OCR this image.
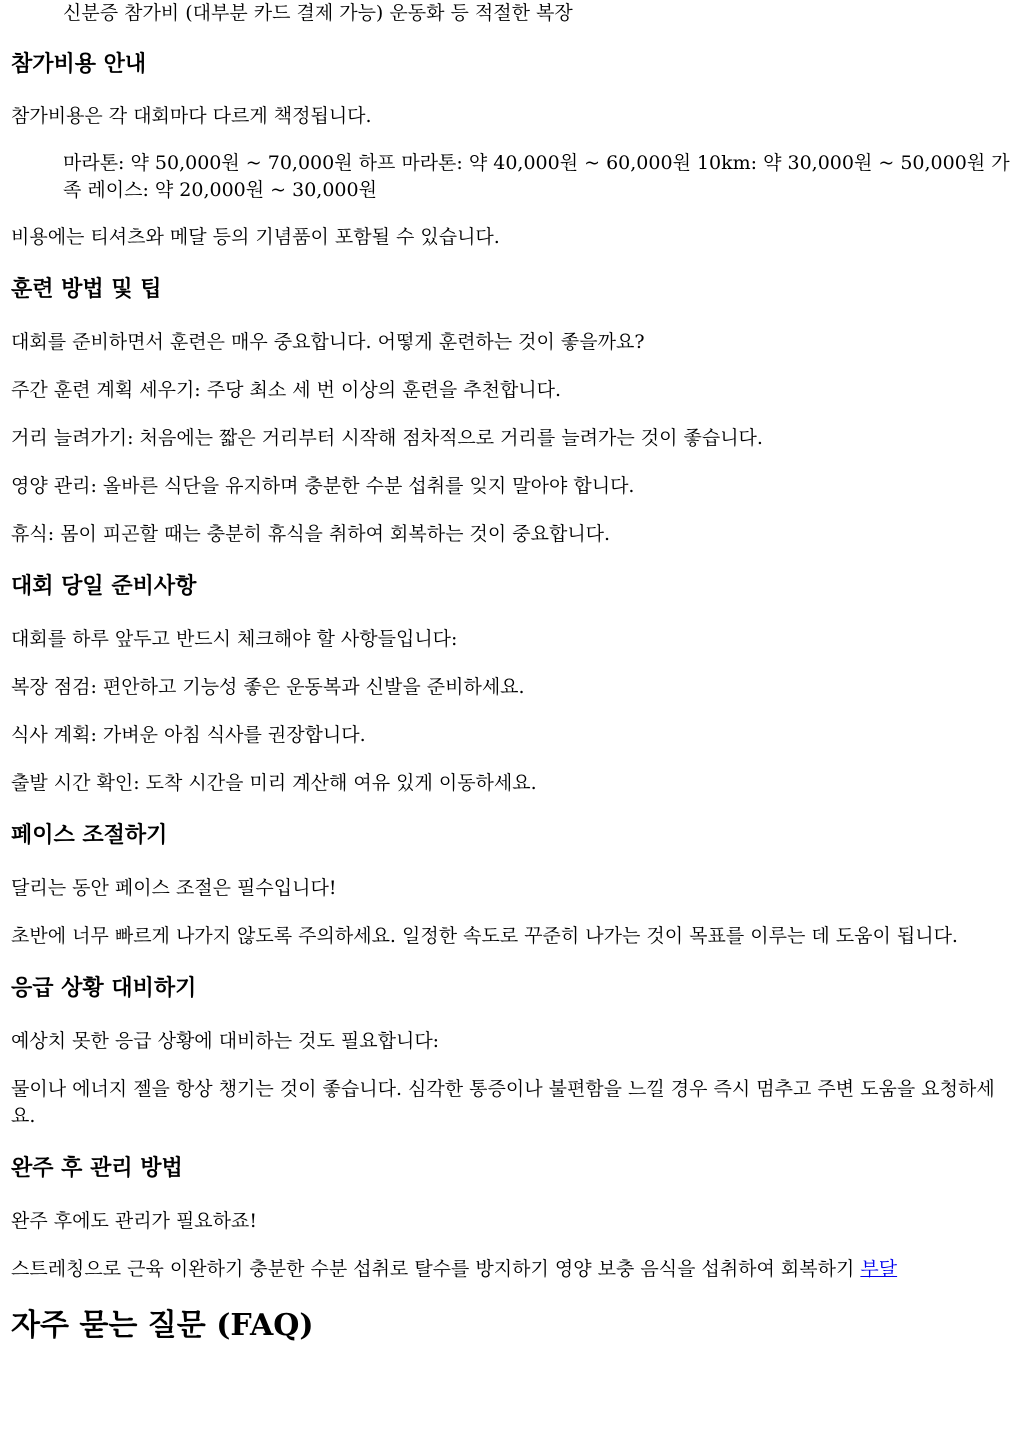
신분증 참가비 (대부분 카드 결제 가능) 운동화 등 적절한 복장
참가비용 안내

참가비용은 각 대회마다 다르게 책정됩니다.

마라톤: 약 50,000원 ~ 70,000원 하프 마라톤: 약 40,000원 ~ 60,000원 10km: 약 30,000원 ~ 50,000원 가족 레이스: 약 20,000원 ~ 30,000원

비용에는 티셔츠와 메달 등의 기념품이 포함될 수 있습니다.

훈련 방법 및 팁

대회를 준비하면서 훈련은 매우 중요합니다. 어떻게 훈련하는 것이 좋을까요?

주간 훈련 계획 세우기: 주당 최소 세 번 이상의 훈련을 추천합니다.

거리 늘려가기: 처음에는 짧은 거리부터 시작해 점차적으로 거리를 늘려가는 것이 좋습니다.

영양 관리: 올바른 식단을 유지하며 충분한 수분 섭취를 잊지 말아야 합니다.

휴식: 몸이 피곤할 때는 충분히 휴식을 취하여 회복하는 것이 중요합니다.

대회 당일 준비사항

대회를 하루 앞두고 반드시 체크해야 할 사항들입니다:

복장 점검: 편안하고 기능성 좋은 운동복과 신발을 준비하세요.

식사 계획: 가벼운 아침 식사를 권장합니다.

출발 시간 확인: 도착 시간을 미리 계산해 여유 있게 이동하세요.

페이스 조절하기

달리는 동안 페이스 조절은 필수입니다!

초반에 너무 빠르게 나가지 않도록 주의하세요. 일정한 속도로 꾸준히 나가는 것이 목표를 이루는 데 도움이 됩니다.

응급 상황 대비하기

예상치 못한 응급 상황에 대비하는 것도 필요합니다:

물이나 에너지 젤을 항상 챙기는 것이 좋습니다. 심각한 통증이나 불편함을 느낄 경우 즉시 멈추고 주변 도움을 요청하세요.

완주 후 관리 방법

완주 후에도 관리가 필요하죠!

스트레칭으로 근육 이완하기 충분한 수분 섭취로 탈수를 방지하기 영양 보충 음식을 섭취하여 회복하기 부달

자주 묻는 질문 (FAQ)
